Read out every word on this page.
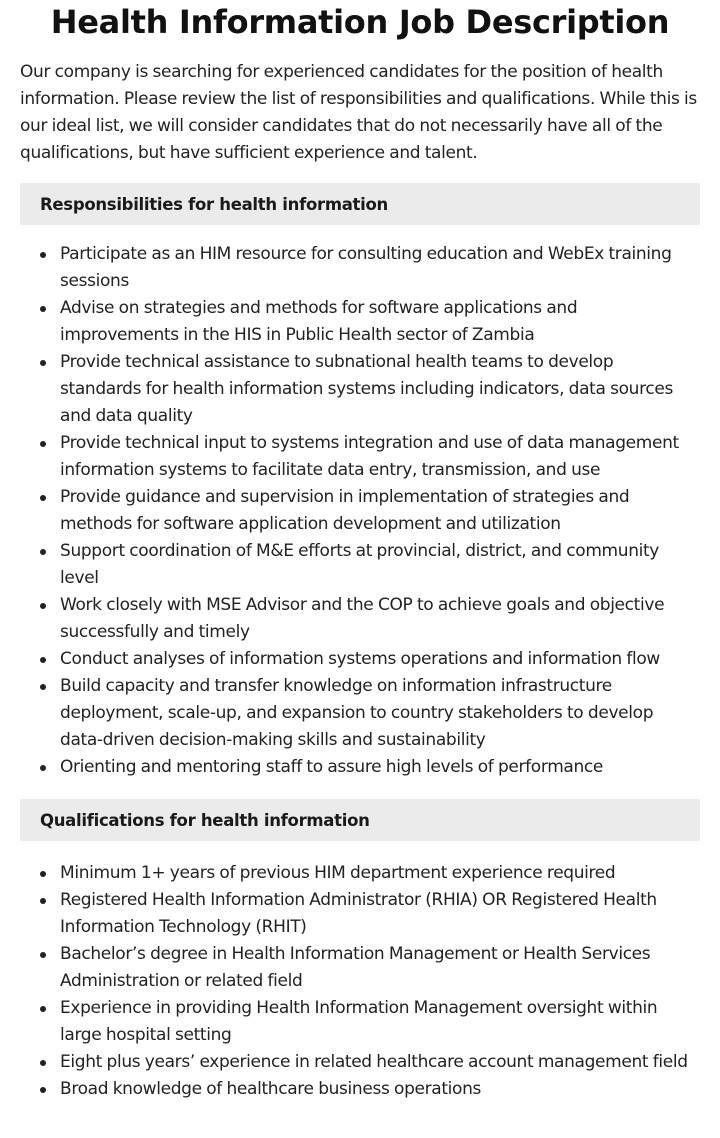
Health Information Job Description

Our company is searching for experienced candidates for the position of health information. Please review the list of responsibilities and qualifications. While this is our ideal list, we will consider candidates that do not necessarily have all of the qualifications, but have sufficient experience and talent.

Responsibilities for health information
Participate as an HIM resource for consulting education and WebEx training sessions
Advise on strategies and methods for software applications and improvements in the HIS in Public Health sector of Zambia
Provide technical assistance to subnational health teams to develop standards for health information systems including indicators, data sources and data quality
Provide technical input to systems integration and use of data management information systems to facilitate data entry, transmission, and use
Provide guidance and supervision in implementation of strategies and methods for software application development and utilization
Support coordination of M&E efforts at provincial, district, and community level
Work closely with MSE Advisor and the COP to achieve goals and objective successfully and timely
Conduct analyses of information systems operations and information flow
Build capacity and transfer knowledge on information infrastructure deployment, scale-up, and expansion to country stakeholders to develop data-driven decision-making skills and sustainability
Orienting and mentoring staff to assure high levels of performance
Qualifications for health information
Minimum 1+ years of previous HIM department experience required
Registered Health Information Administrator (RHIA) OR Registered Health Information Technology (RHIT)
Bachelor’s degree in Health Information Management or Health Services Administration or related field
Experience in providing Health Information Management oversight within large hospital setting
Eight plus years’ experience in related healthcare account management field
Broad knowledge of healthcare business operations
